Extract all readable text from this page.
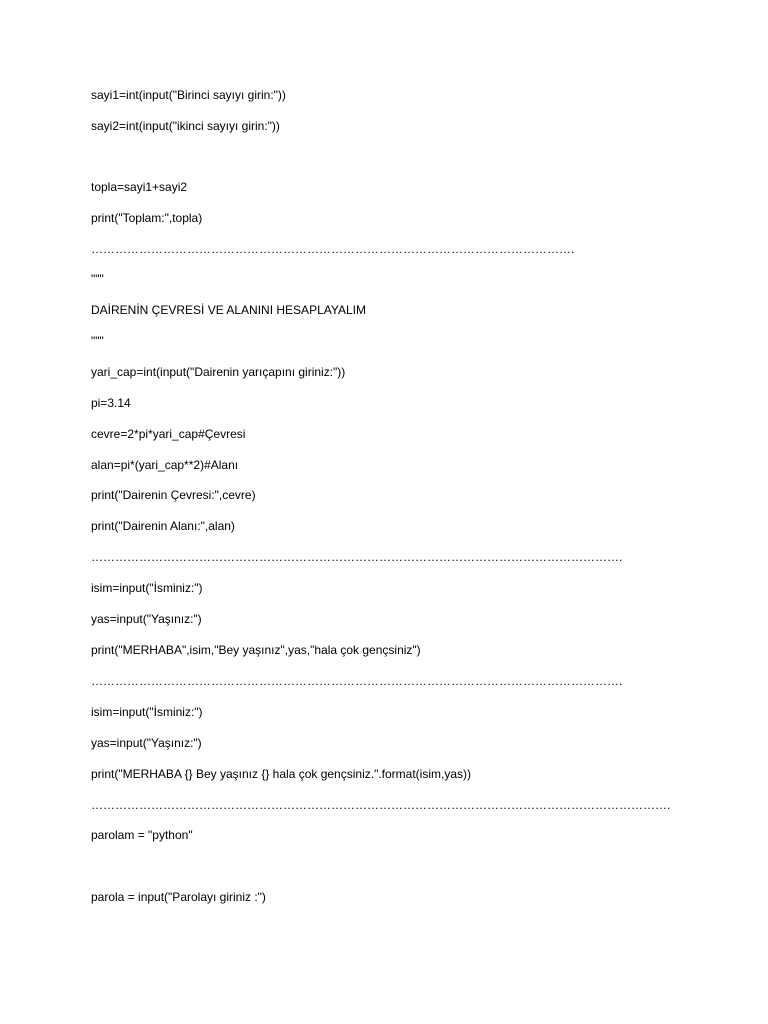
sayi1=int(input("Birinci sayıyı girin:"))

sayi2=int(input("ikinci sayıyı girin:"))

topla=sayi1+sayi2

print("Toplam:",topla)

………………………………………………………………………………………………………….

"""

DAİRENİN ÇEVRESİ VE ALANINI HESAPLAYALIM

"""

yari_cap=int(input("Dairenin yarıçapını giriniz:"))

pi=3.14

cevre=2*pi*yari_cap#Çevresi

alan=pi*(yari_cap**2)#Alanı

print("Dairenin Çevresi:",cevre)

print("Dairenin Alanı:",alan)

…………………………………………………………………………………………………………………….

isim=input("İsminiz:")

yas=input("Yaşınız:")

print("MERHABA",isim,"Bey yaşınız",yas,"hala çok gençsiniz")

…………………………………………………………………………………………………………………….

isim=input("İsminiz:")

yas=input("Yaşınız:")

print("MERHABA {} Bey yaşınız {} hala çok gençsiniz.".format(isim,yas))

……………………………………………………………………………………………………………………………….

parolam = "python"

parola = input("Parolayı giriniz :")
